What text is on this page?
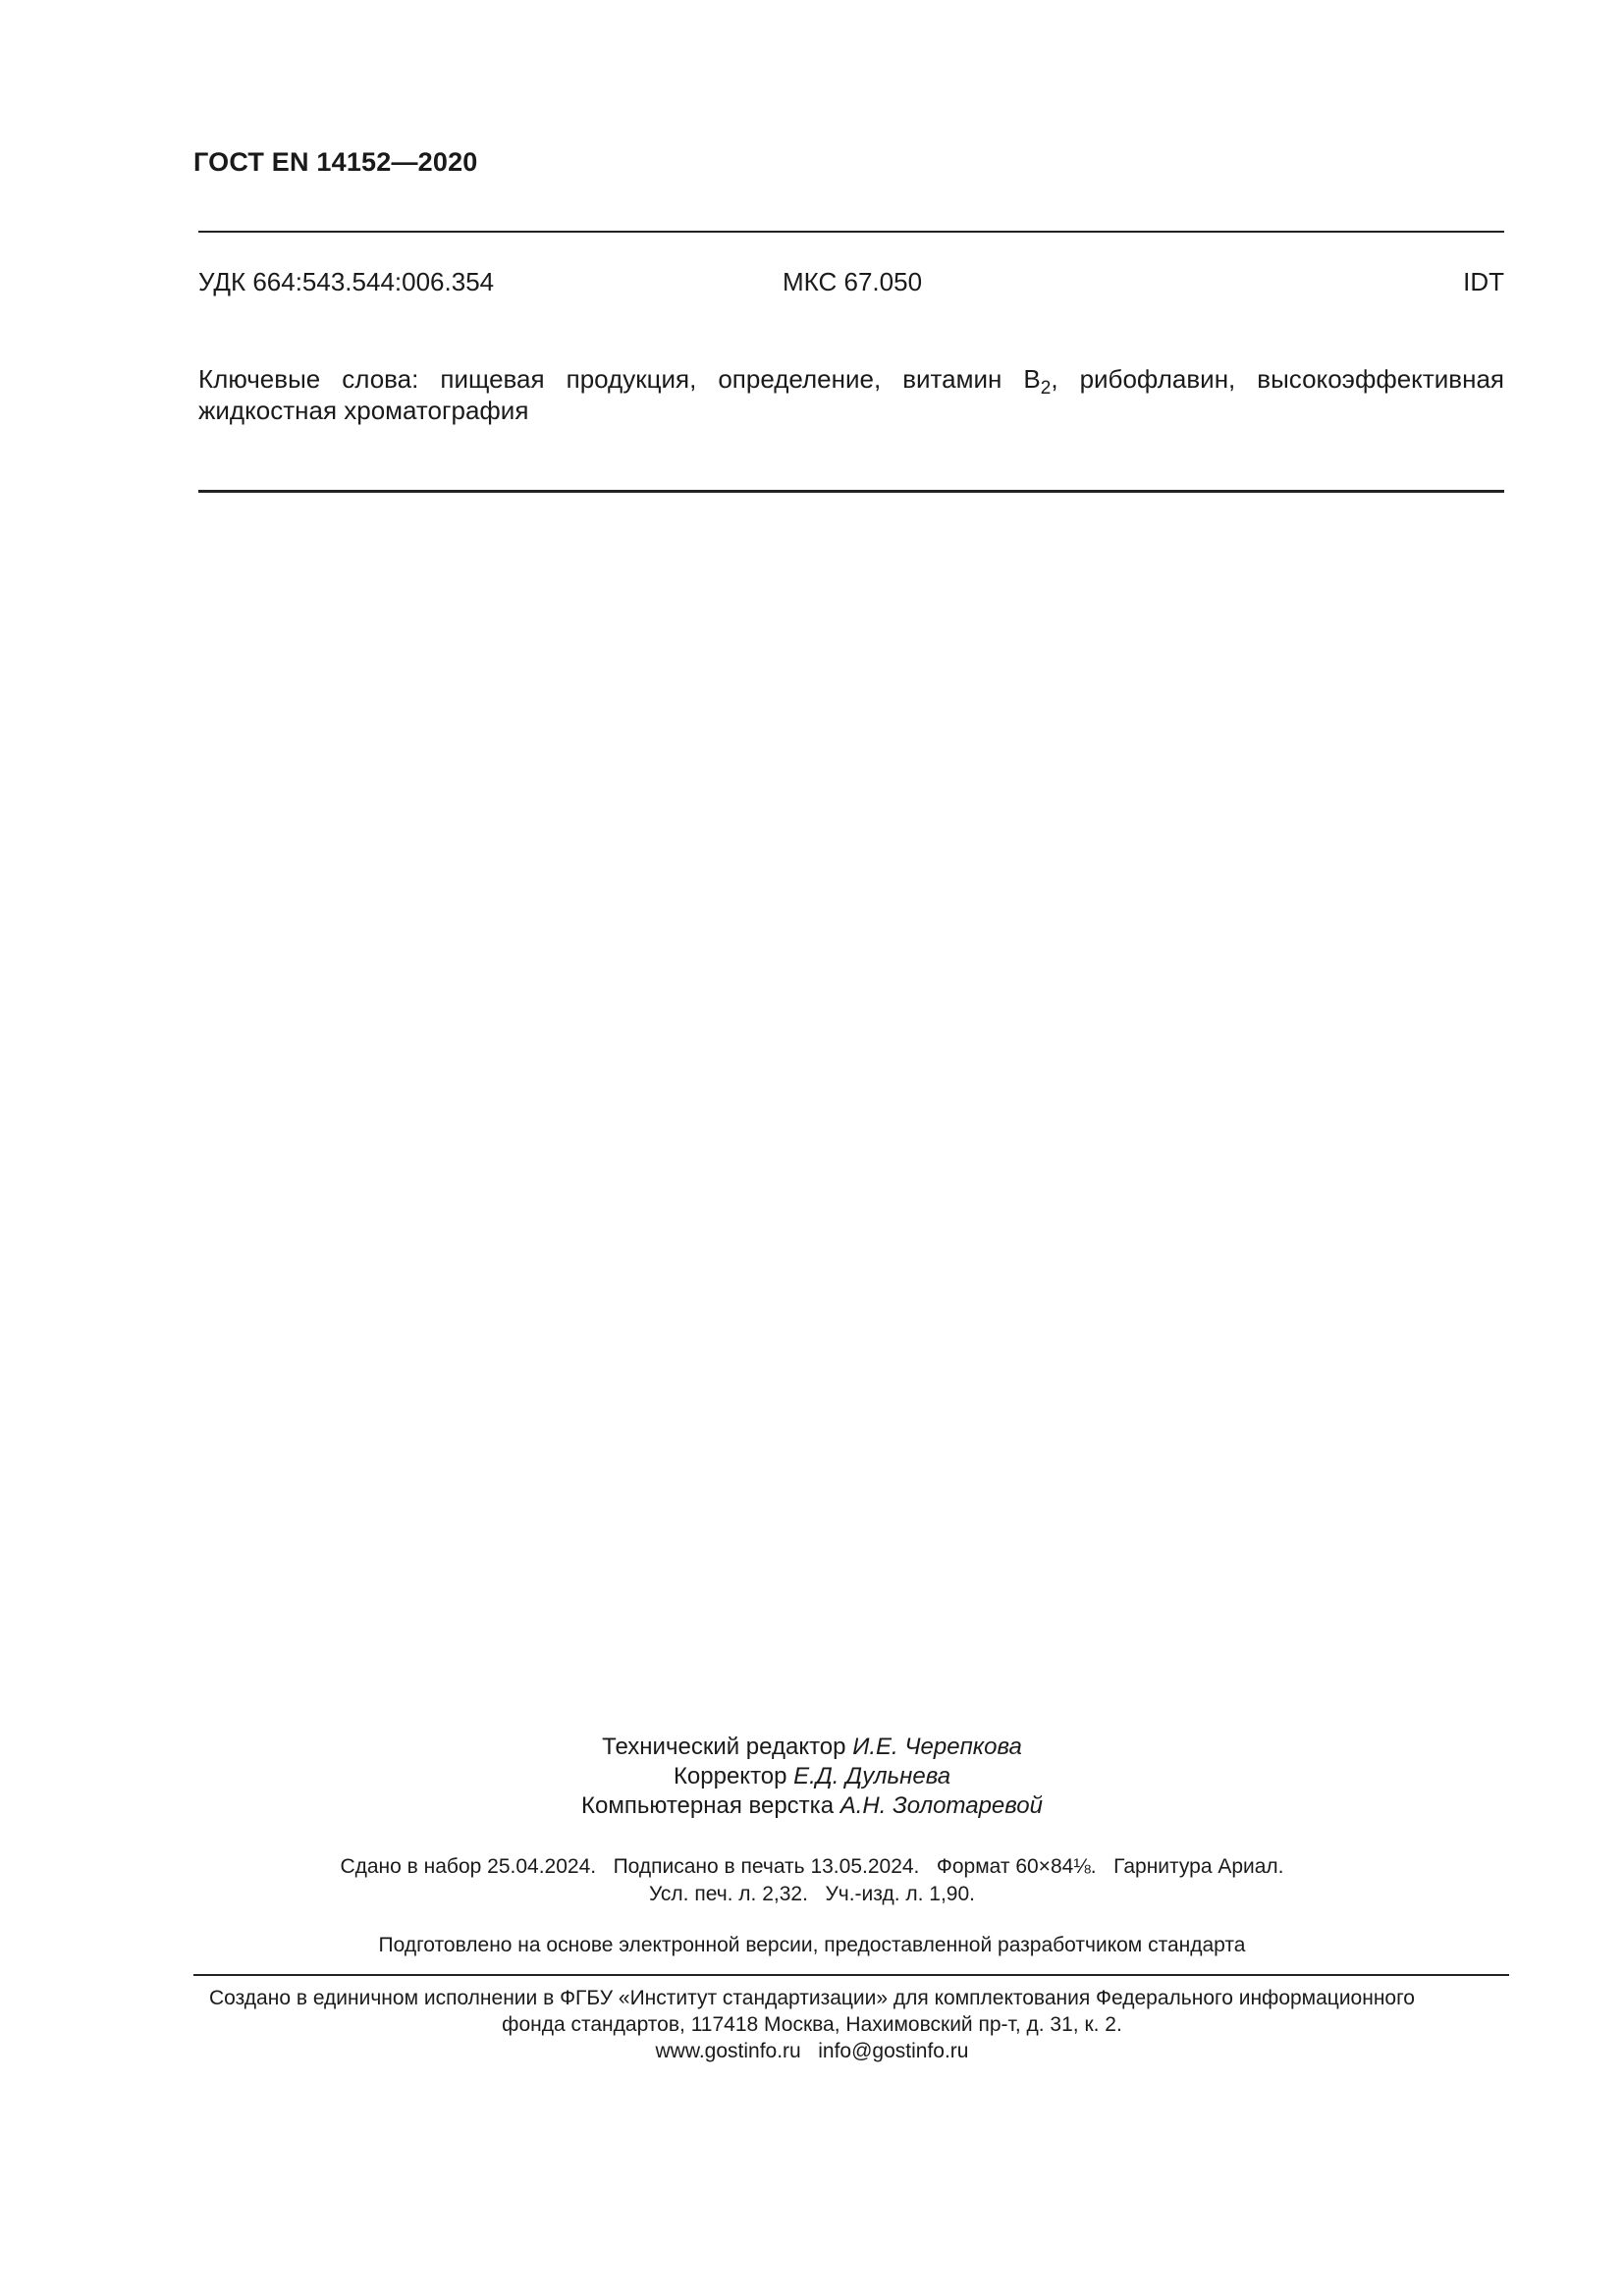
ГОСТ EN 14152—2020
УДК 664:543.544:006.354	МКС 67.050	IDT
Ключевые слова: пищевая продукция, определение, витамин $B_2$, рибофлавин, высокоэффективная жидкостная хроматография
Технический редактор И.Е. Черепкова
Корректор Е.Д. Дульнева
Компьютерная верстка А.Н. Золотаревой
Сдано в набор 25.04.2024.   Подписано в печать 13.05.2024.   Формат 60×84⅛.   Гарнитура Ариал.
Усл. печ. л. 2,32.   Уч.-изд. л. 1,90.
Подготовлено на основе электронной версии, предоставленной разработчиком стандарта
Создано в единичном исполнении в ФГБУ «Институт стандартизации» для комплектования Федерального информационного
фонда стандартов, 117418 Москва, Нахимовский пр-т, д. 31, к. 2.
www.gostinfo.ru info@gostinfo.ru
